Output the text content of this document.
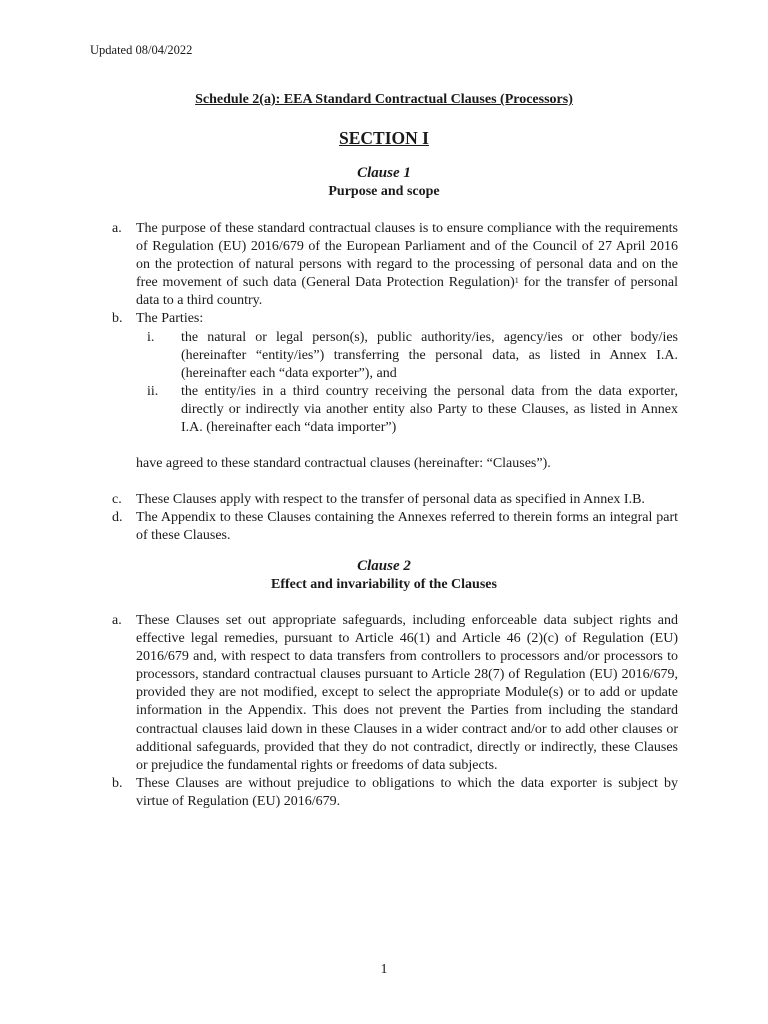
Updated 08/04/2022
Schedule 2(a): EEA Standard Contractual Clauses (Processors)
SECTION I
Clause 1
Purpose and scope
a. The purpose of these standard contractual clauses is to ensure compliance with the requirements of Regulation (EU) 2016/679 of the European Parliament and of the Council of 27 April 2016 on the protection of natural persons with regard to the processing of personal data and on the free movement of such data (General Data Protection Regulation)$^1$ for the transfer of personal data to a third country.
b. The Parties:
i. the natural or legal person(s), public authority/ies, agency/ies or other body/ies (hereinafter “entity/ies”) transferring the personal data, as listed in Annex I.A. (hereinafter each “data exporter”), and
ii. the entity/ies in a third country receiving the personal data from the data exporter, directly or indirectly via another entity also Party to these Clauses, as listed in Annex I.A. (hereinafter each “data importer”)
have agreed to these standard contractual clauses (hereinafter: “Clauses”).
c. These Clauses apply with respect to the transfer of personal data as specified in Annex I.B.
d. The Appendix to these Clauses containing the Annexes referred to therein forms an integral part of these Clauses.
Clause 2
Effect and invariability of the Clauses
a. These Clauses set out appropriate safeguards, including enforceable data subject rights and effective legal remedies, pursuant to Article 46(1) and Article 46 (2)(c) of Regulation (EU) 2016/679 and, with respect to data transfers from controllers to processors and/or processors to processors, standard contractual clauses pursuant to Article 28(7) of Regulation (EU) 2016/679, provided they are not modified, except to select the appropriate Module(s) or to add or update information in the Appendix. This does not prevent the Parties from including the standard contractual clauses laid down in these Clauses in a wider contract and/or to add other clauses or additional safeguards, provided that they do not contradict, directly or indirectly, these Clauses or prejudice the fundamental rights or freedoms of data subjects.
b. These Clauses are without prejudice to obligations to which the data exporter is subject by virtue of Regulation (EU) 2016/679.
1
